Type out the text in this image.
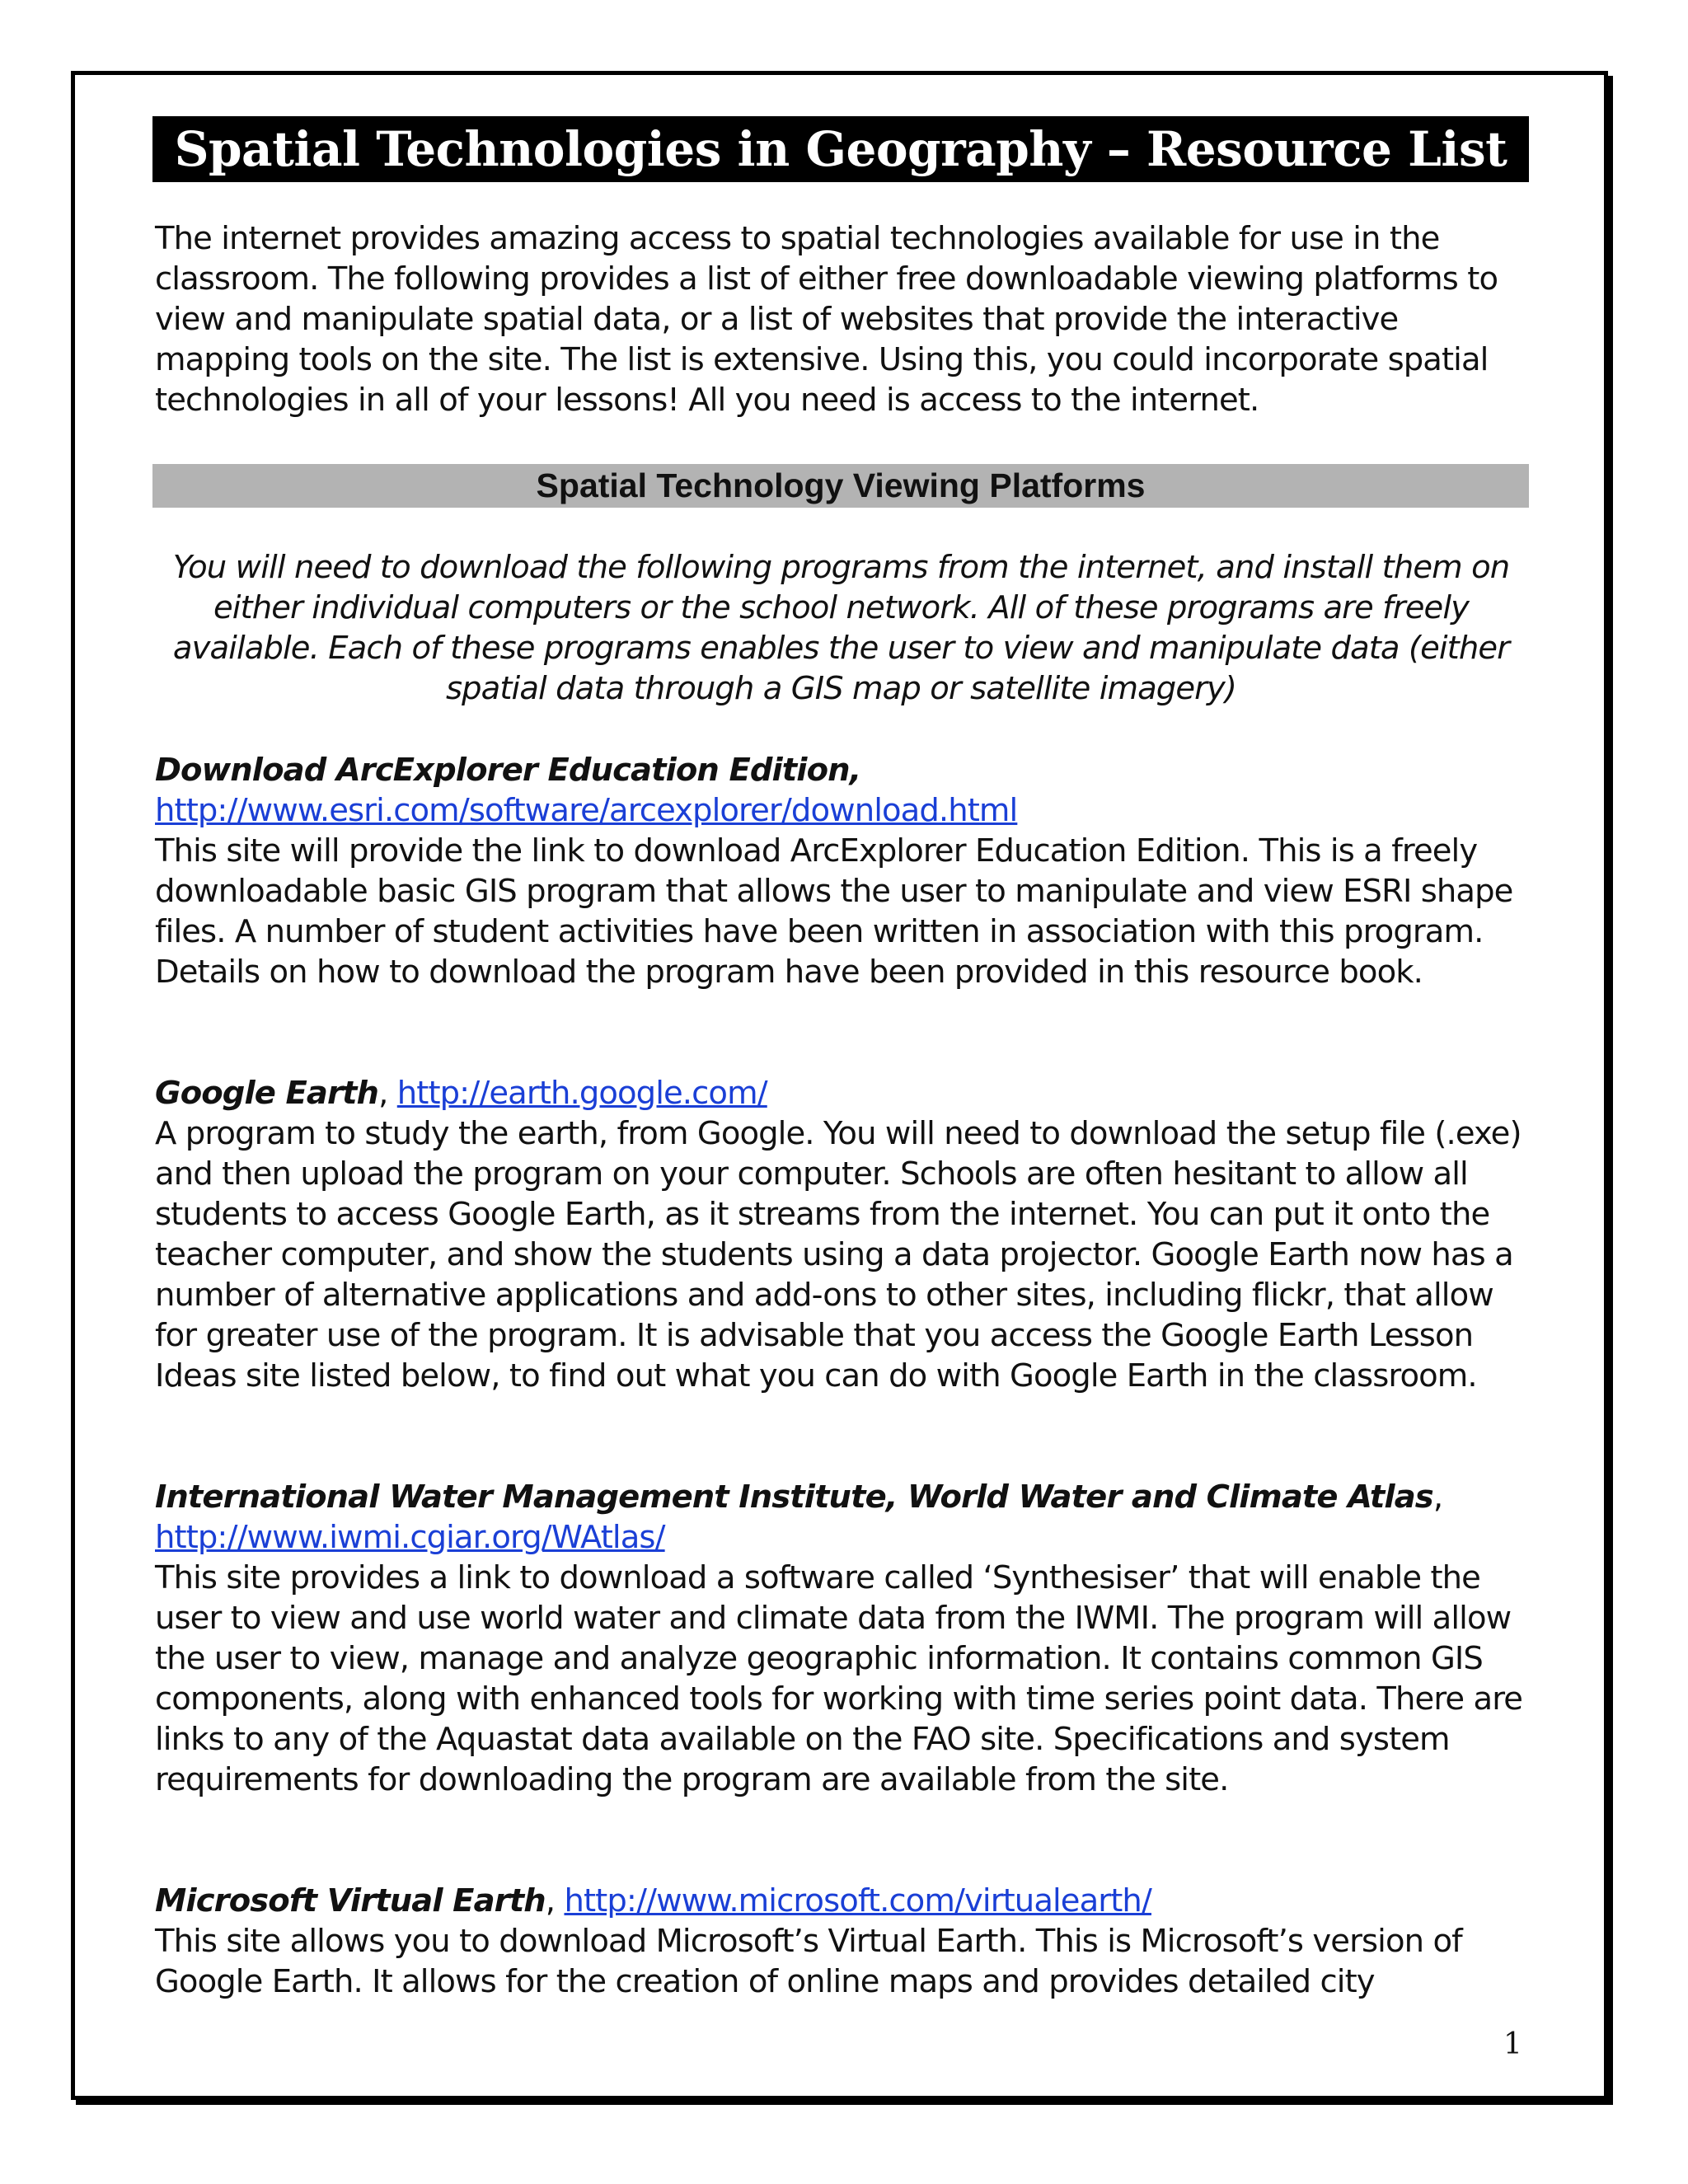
Spatial Technologies in Geography – Resource List

The internet provides amazing access to spatial technologies available for use in the classroom. The following provides a list of either free downloadable viewing platforms to view and manipulate spatial data, or a list of websites that provide the interactive mapping tools on the site. The list is extensive. Using this, you could incorporate spatial technologies in all of your lessons! All you need is access to the internet.

Spatial Technology Viewing Platforms

You will need to download the following programs from the internet, and install them on either individual computers or the school network. All of these programs are freely available. Each of these programs enables the user to view and manipulate data (either spatial data through a GIS map or satellite imagery)

Download ArcExplorer Education Edition,
http://www.esri.com/software/arcexplorer/download.html
This site will provide the link to download ArcExplorer Education Edition. This is a freely downloadable basic GIS program that allows the user to manipulate and view ESRI shape files. A number of student activities have been written in association with this program. Details on how to download the program have been provided in this resource book.
Google Earth, http://earth.google.com/
A program to study the earth, from Google. You will need to download the setup file (.exe) and then upload the program on your computer. Schools are often hesitant to allow all students to access Google Earth, as it streams from the internet. You can put it onto the teacher computer, and show the students using a data projector. Google Earth now has a number of alternative applications and add-ons to other sites, including flickr, that allow for greater use of the program. It is advisable that you access the Google Earth Lesson Ideas site listed below, to find out what you can do with Google Earth in the classroom.
International Water Management Institute, World Water and Climate Atlas,
http://www.iwmi.cgiar.org/WAtlas/
This site provides a link to download a software called ‘Synthesiser’ that will enable the user to view and use world water and climate data from the IWMI. The program will allow the user to view, manage and analyze geographic information. It contains common GIS components, along with enhanced tools for working with time series point data. There are links to any of the Aquastat data available on the FAO site. Specifications and system requirements for downloading the program are available from the site.
Microsoft Virtual Earth, http://www.microsoft.com/virtualearth/
This site allows you to download Microsoft’s Virtual Earth. This is Microsoft’s version of Google Earth. It allows for the creation of online maps and provides detailed city
1
